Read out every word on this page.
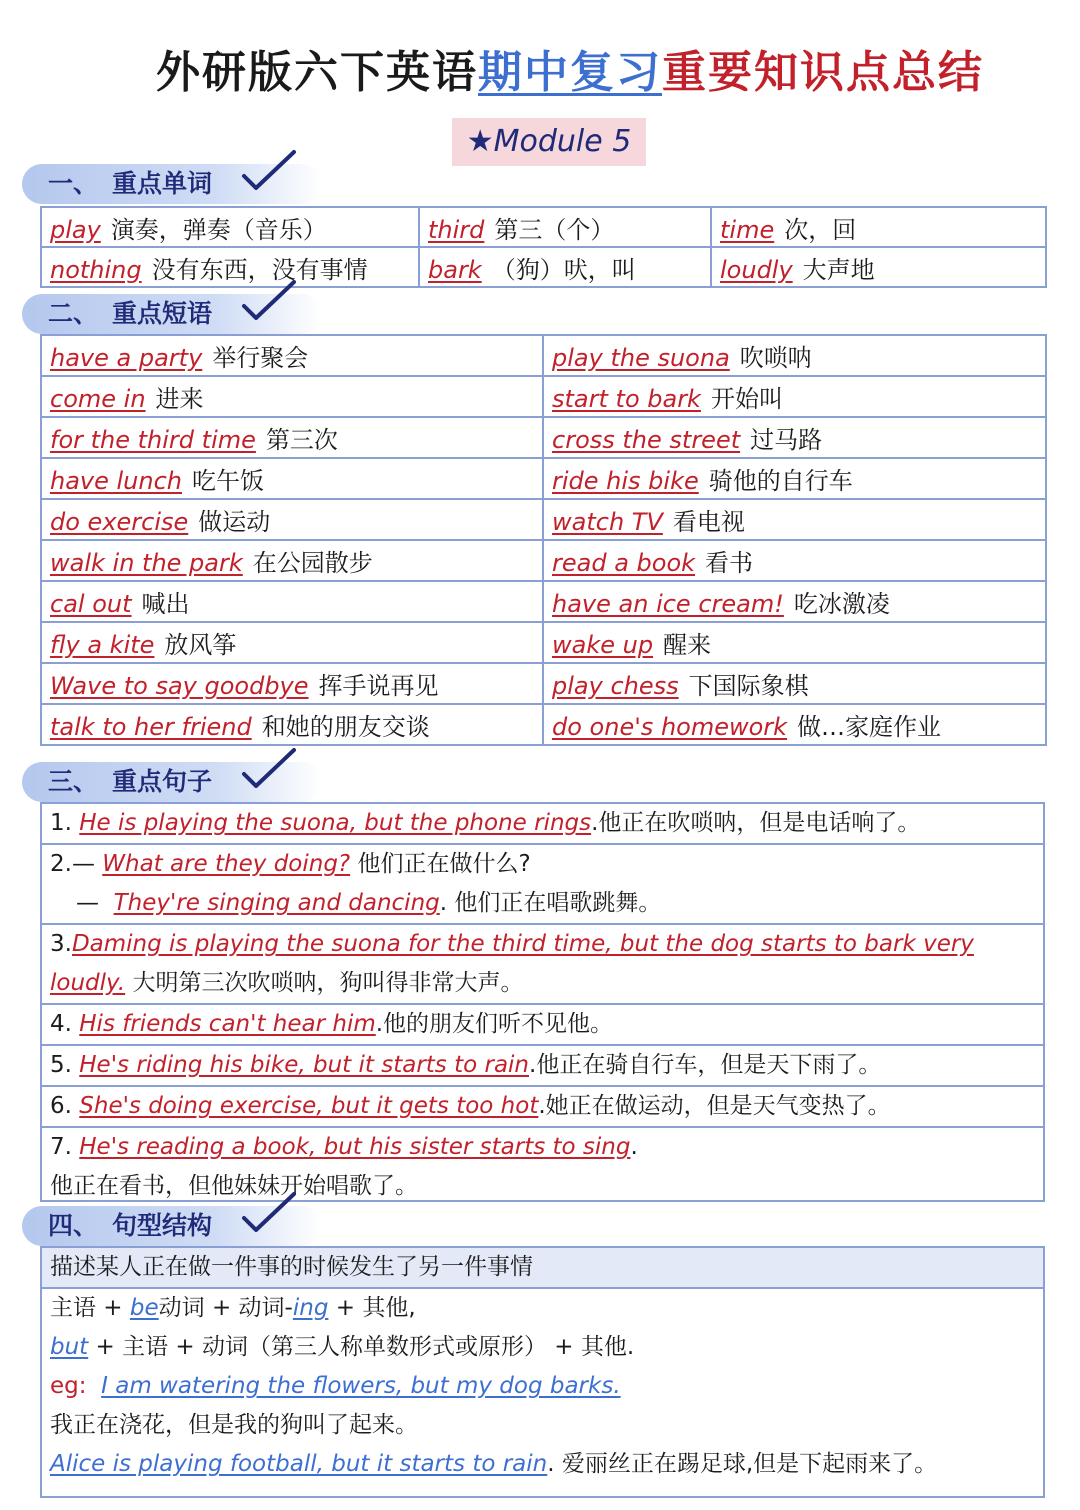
外研版六下英语期中复习重要知识点总结
★Module 5
一、 重点单词
play 演奏，弹奏（音乐）	third 第三（个）	time 次，回
nothing 没有东西，没有事情	bark （狗）吠，叫	loudly 大声地
二、 重点短语
have a party 举行聚会	play the suona 吹唢呐
come in 进来	start to bark 开始叫
for the third time 第三次	cross the street 过马路
have lunch 吃午饭	ride his bike 骑他的自行车
do exercise 做运动	watch TV 看电视
walk in the park 在公园散步	read a book 看书
cal out 喊出	have an ice cream! 吃冰激凌
fly a kite 放风筝	wake up 醒来
Wave to say goodbye 挥手说再见	play chess 下国际象棋
talk to her friend 和她的朋友交谈	do one's homework 做…家庭作业
三、 重点句子
1. He is playing the suona, but the phone rings.他正在吹唢呐，但是电话响了。
2.— What are they doing? 他们正在做什么?
— They're singing and dancing. 他们正在唱歌跳舞。
3.Daming is playing the suona for the third time, but the dog starts to bark very
loudly. 大明第三次吹唢呐，狗叫得非常大声。
4. His friends can't hear him.他的朋友们听不见他。
5. He's riding his bike, but it starts to rain.他正在骑自行车，但是天下雨了。
6. She's doing exercise, but it gets too hot.她正在做运动，但是天气变热了。
7. He's reading a book, but his sister starts to sing.
他正在看书，但他妹妹开始唱歌了。
四、 句型结构
描述某人正在做一件事的时候发生了另一件事情
主语 + be动词 + 动词-ing + 其他,
but + 主语 + 动词（第三人称单数形式或原形） + 其他.
eg: I am watering the flowers, but my dog barks.
我正在浇花，但是我的狗叫了起来。
Alice is playing football, but it starts to rain. 爱丽丝正在踢足球,但是下起雨来了。
